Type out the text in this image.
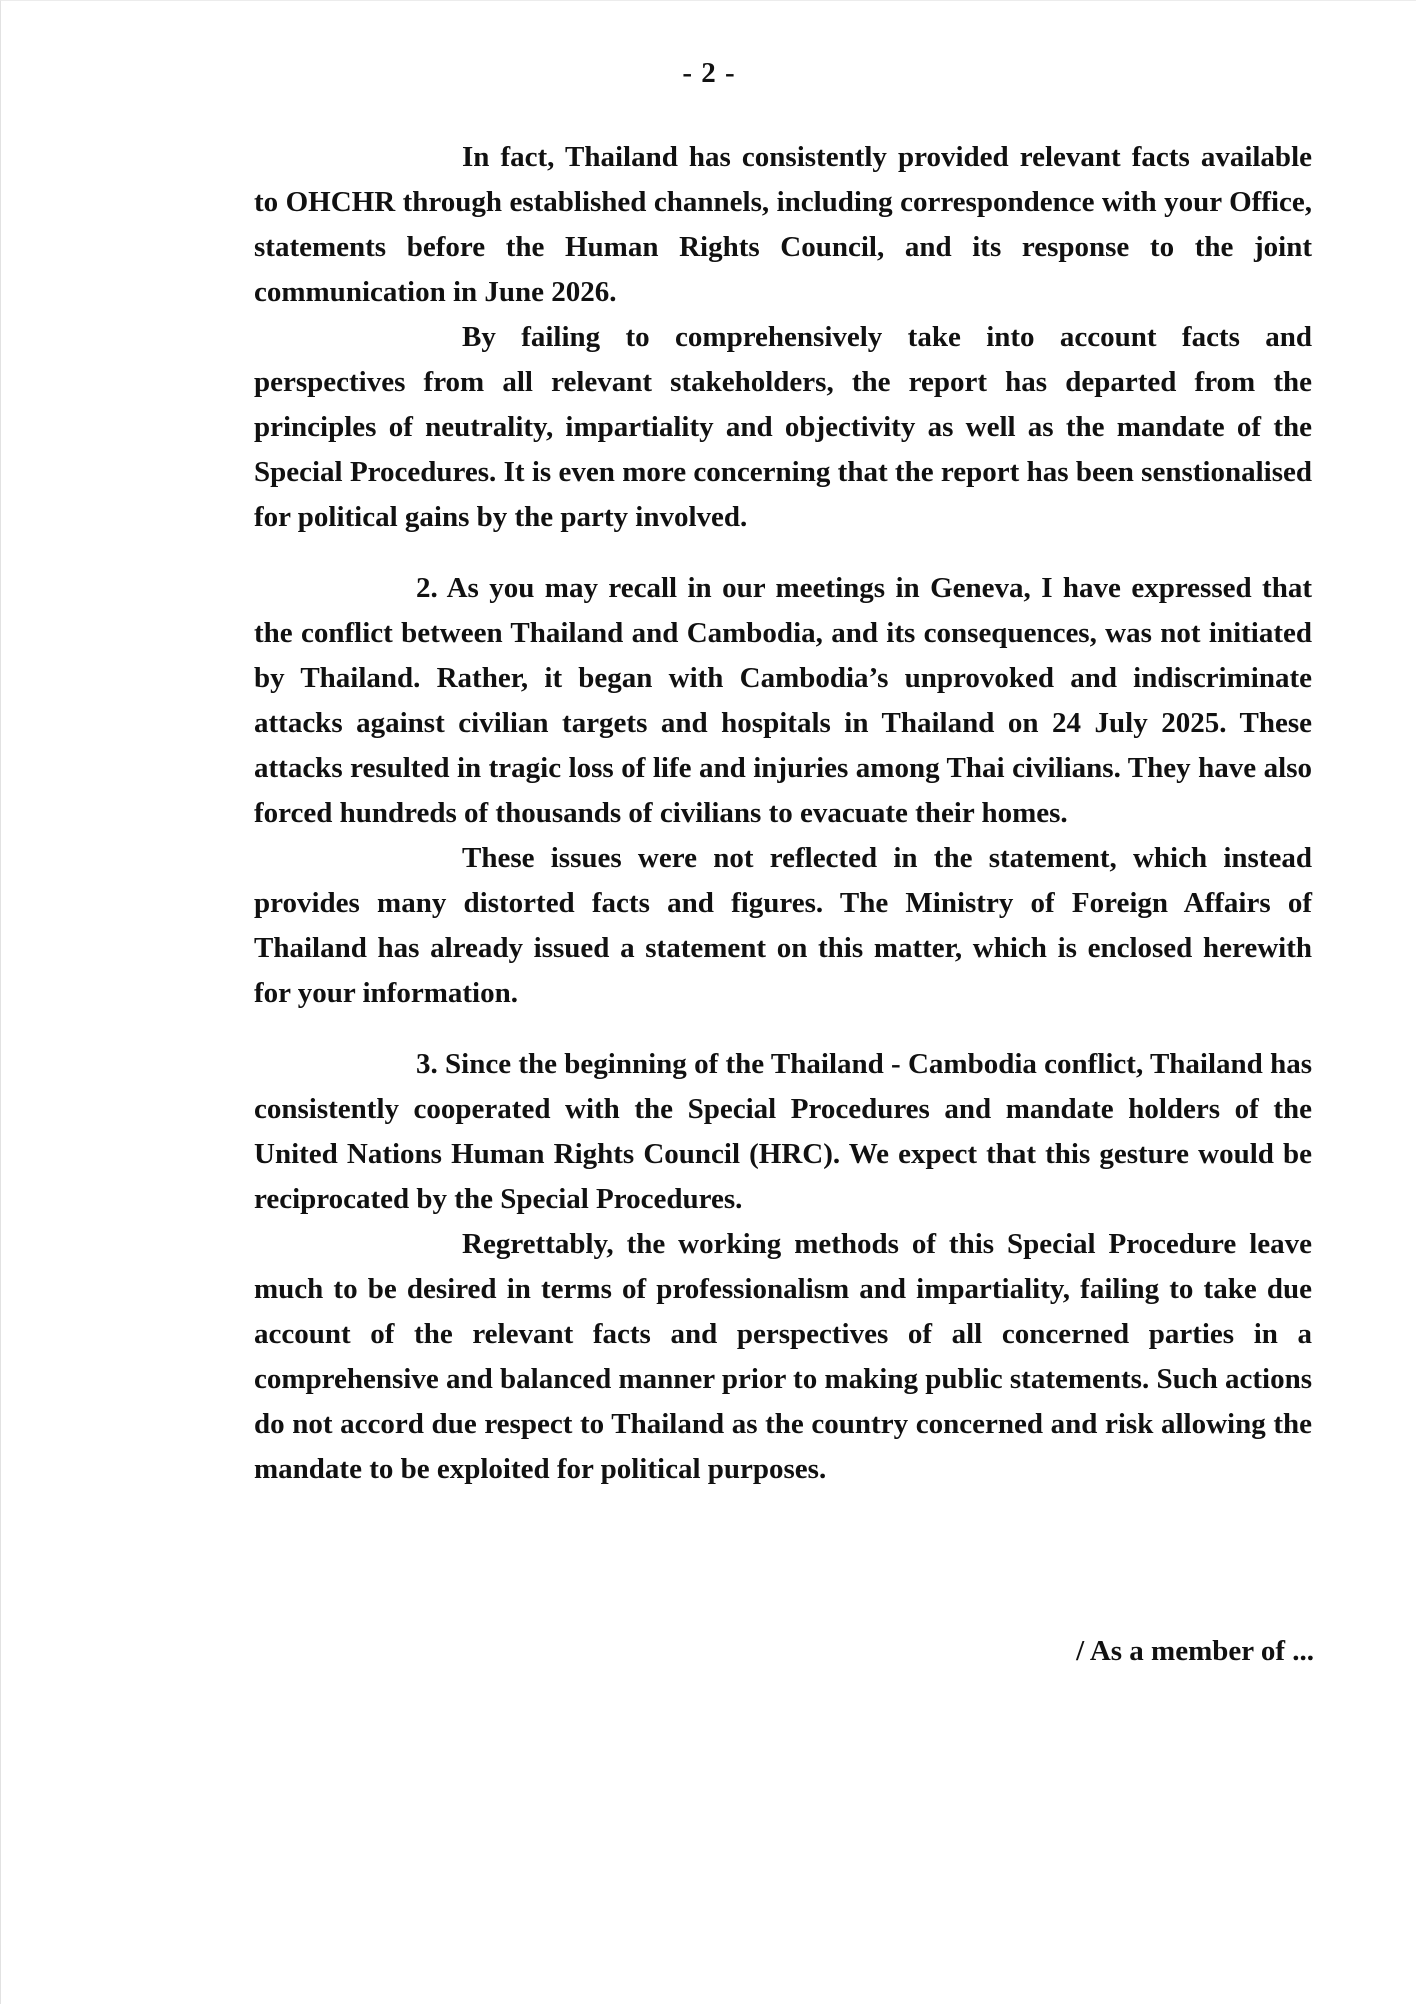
- 2 -

In fact, Thailand has consistently provided relevant facts available to OHCHR through established channels, including correspondence with your Office, statements before the Human Rights Council, and its response to the joint communication in June 2026.

By failing to comprehensively take into account facts and perspectives from all relevant stakeholders, the report has departed from the principles of neutrality, impartiality and objectivity as well as the mandate of the Special Procedures. It is even more concerning that the report has been senstionalised for political gains by the party involved.

2. As you may recall in our meetings in Geneva, I have expressed that the conflict between Thailand and Cambodia, and its consequences, was not initiated by Thailand. Rather, it began with Cambodia’s unprovoked and indiscriminate attacks against civilian targets and hospitals in Thailand on 24 July 2025. These attacks resulted in tragic loss of life and injuries among Thai civilians. They have also forced hundreds of thousands of civilians to evacuate their homes.

These issues were not reflected in the statement, which instead provides many distorted facts and figures. The Ministry of Foreign Affairs of Thailand has already issued a statement on this matter, which is enclosed herewith for your information.

3. Since the beginning of the Thailand - Cambodia conflict, Thailand has consistently cooperated with the Special Procedures and mandate holders of the United Nations Human Rights Council (HRC). We expect that this gesture would be reciprocated by the Special Procedures.

Regrettably, the working methods of this Special Procedure leave much to be desired in terms of professionalism and impartiality, failing to take due account of the relevant facts and perspectives of all concerned parties in a comprehensive and balanced manner prior to making public statements. Such actions do not accord due respect to Thailand as the country concerned and risk allowing the mandate to be exploited for political purposes.

/ As a member of ...
